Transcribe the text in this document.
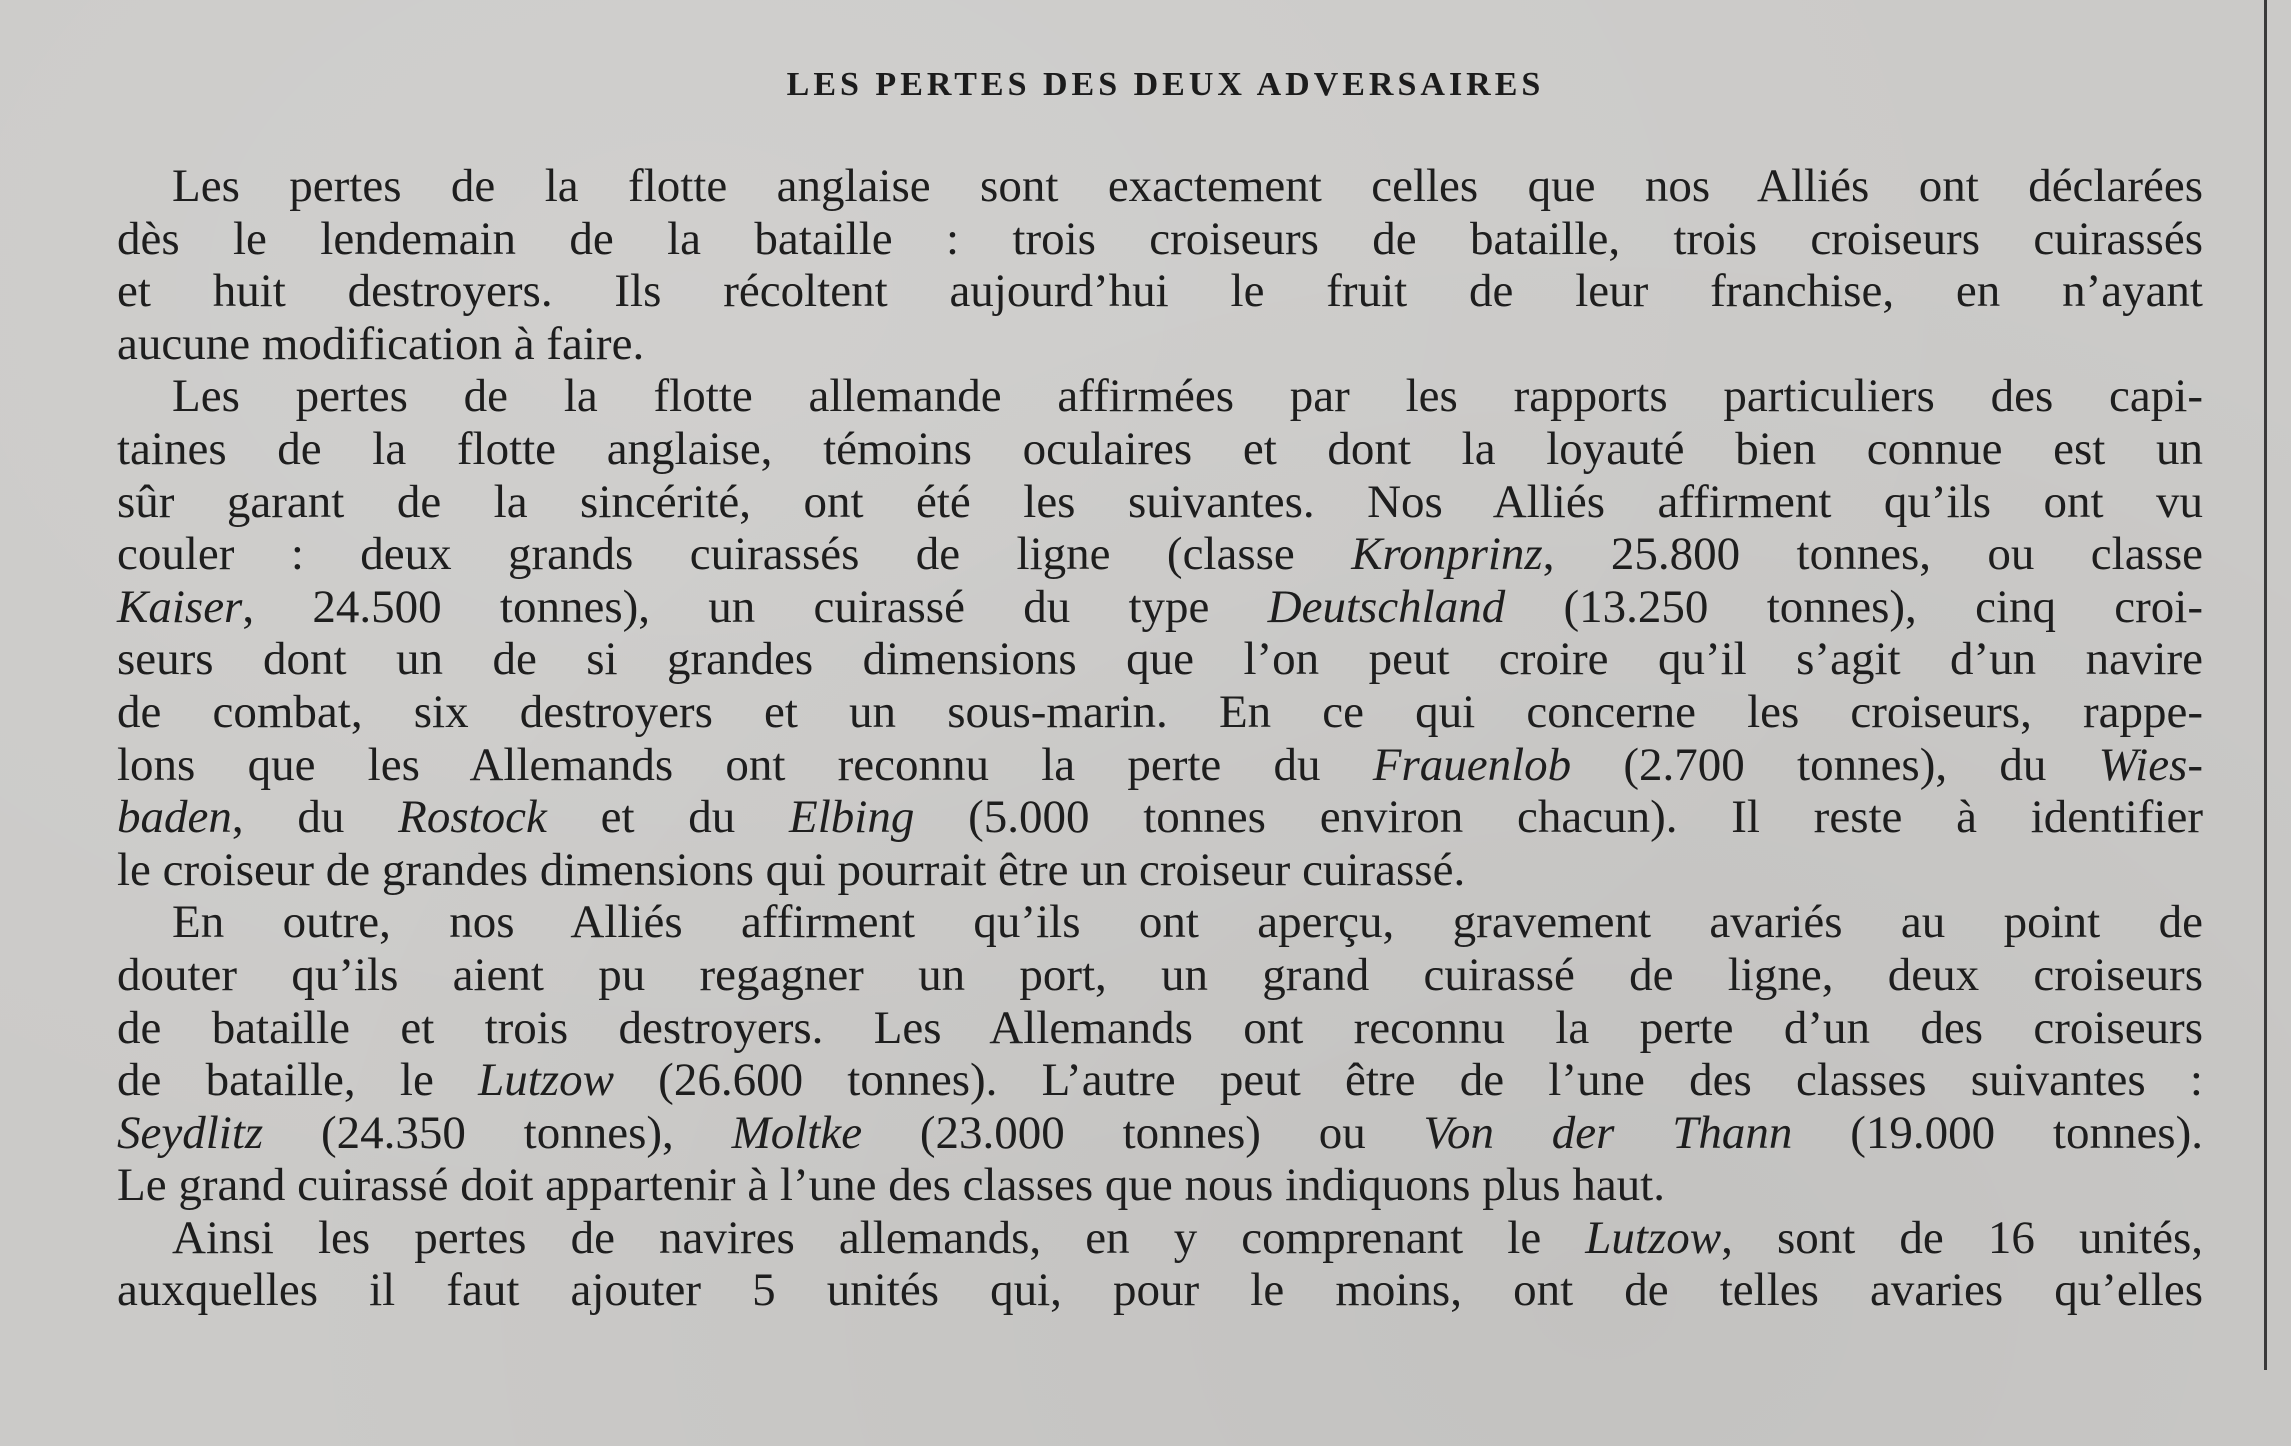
LES PERTES DES DEUX ADVERSAIRES
Les pertes de la flotte anglaise sont exactement celles que nos Alliés ont déclarées
dès le lendemain de la bataille : trois croiseurs de bataille, trois croiseurs cuirassés
et huit destroyers. Ils récoltent aujourd’hui le fruit de leur franchise, en n’ayant
aucune modification à faire.
Les pertes de la flotte allemande affirmées par les rapports particuliers des capi-
taines de la flotte anglaise, témoins oculaires et dont la loyauté bien connue est un
sûr garant de la sincérité, ont été les suivantes. Nos Alliés affirment qu’ils ont vu
couler : deux grands cuirassés de ligne (classe Kronprinz, 25.800 tonnes, ou classe
Kaiser, 24.500 tonnes), un cuirassé du type Deutschland (13.250 tonnes), cinq croi-
seurs dont un de si grandes dimensions que l’on peut croire qu’il s’agit d’un navire
de combat, six destroyers et un sous-marin. En ce qui concerne les croiseurs, rappe-
lons que les Allemands ont reconnu la perte du Frauenlob (2.700 tonnes), du Wies-
baden, du Rostock et du Elbing (5.000 tonnes environ chacun). Il reste à identifier
le croiseur de grandes dimensions qui pourrait être un croiseur cuirassé.
En outre, nos Alliés affirment qu’ils ont aperçu, gravement avariés au point de
douter qu’ils aient pu regagner un port, un grand cuirassé de ligne, deux croiseurs
de bataille et trois destroyers. Les Allemands ont reconnu la perte d’un des croiseurs
de bataille, le Lutzow (26.600 tonnes). L’autre peut être de l’une des classes suivantes :
Seydlitz (24.350 tonnes), Moltke (23.000 tonnes) ou Von der Thann (19.000 tonnes).
Le grand cuirassé doit appartenir à l’une des classes que nous indiquons plus haut.
Ainsi les pertes de navires allemands, en y comprenant le Lutzow, sont de 16 unités,
auxquelles il faut ajouter 5 unités qui, pour le moins, ont de telles avaries qu’elles
